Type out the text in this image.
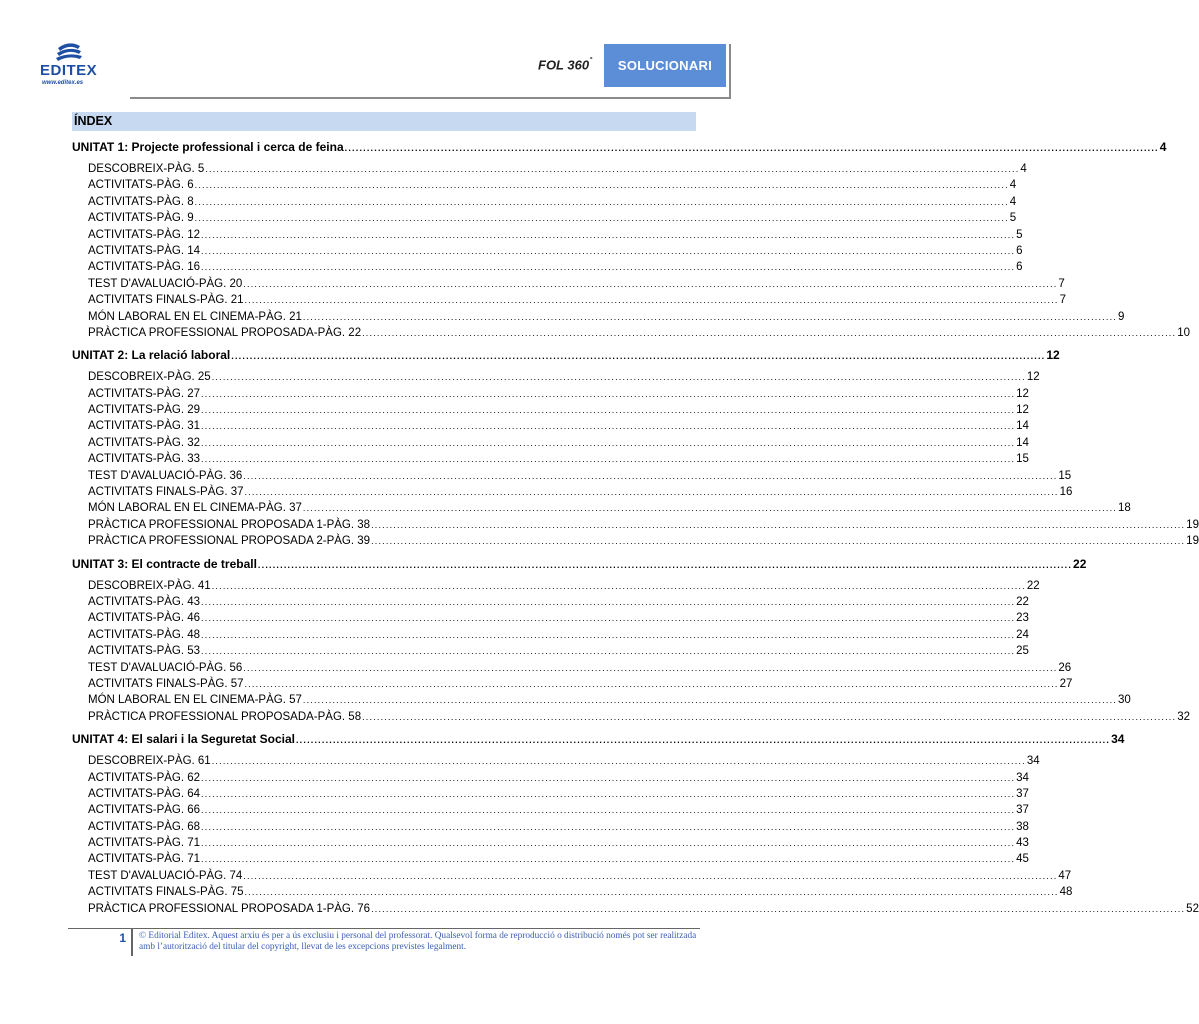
EDITEX
www.editex.es
FOL 360˚	SOLUCIONARI
ÍNDEX
UNITAT 1: Projecte professional i cerca de feina ............................................................................................................................................................................................................................ 4
DESCOBREIX-PÀG. 5 ............................................................................................................................................................................................................................ 4
ACTIVITATS-PÀG. 6 ............................................................................................................................................................................................................................ 4
ACTIVITATS-PÀG. 8 ............................................................................................................................................................................................................................ 4
ACTIVITATS-PÀG. 9 ............................................................................................................................................................................................................................ 5
ACTIVITATS-PÀG. 12 ............................................................................................................................................................................................................................ 5
ACTIVITATS-PÀG. 14 ............................................................................................................................................................................................................................ 6
ACTIVITATS-PÀG. 16 ............................................................................................................................................................................................................................ 6
TEST D'AVALUACIÓ-PÀG. 20 ............................................................................................................................................................................................................................ 7
ACTIVITATS FINALS-PÀG. 21 ............................................................................................................................................................................................................................ 7
MÓN LABORAL EN EL CINEMA-PÀG. 21 ............................................................................................................................................................................................................................ 9
PRÀCTICA PROFESSIONAL PROPOSADA-PÀG. 22 ............................................................................................................................................................................................................................ 10
UNITAT 2: La relació laboral ............................................................................................................................................................................................................................ 12
DESCOBREIX-PÀG. 25 ............................................................................................................................................................................................................................ 12
ACTIVITATS-PÀG. 27 ............................................................................................................................................................................................................................ 12
ACTIVITATS-PÀG. 29 ............................................................................................................................................................................................................................ 12
ACTIVITATS-PÀG. 31 ............................................................................................................................................................................................................................ 14
ACTIVITATS-PÀG. 32 ............................................................................................................................................................................................................................ 14
ACTIVITATS-PÀG. 33 ............................................................................................................................................................................................................................ 15
TEST D'AVALUACIÓ-PÀG. 36 ............................................................................................................................................................................................................................ 15
ACTIVITATS FINALS-PÀG. 37 ............................................................................................................................................................................................................................ 16
MÓN LABORAL EN EL CINEMA-PÀG. 37 ............................................................................................................................................................................................................................ 18
PRÀCTICA PROFESSIONAL PROPOSADA 1-PÀG. 38 ............................................................................................................................................................................................................................ 19
PRÀCTICA PROFESSIONAL PROPOSADA 2-PÀG. 39 ............................................................................................................................................................................................................................ 19
UNITAT 3: El contracte de treball ............................................................................................................................................................................................................................ 22
DESCOBREIX-PÀG. 41 ............................................................................................................................................................................................................................ 22
ACTIVITATS-PÀG. 43 ............................................................................................................................................................................................................................ 22
ACTIVITATS-PÀG. 46 ............................................................................................................................................................................................................................ 23
ACTIVITATS-PÀG. 48 ............................................................................................................................................................................................................................ 24
ACTIVITATS-PÀG. 53 ............................................................................................................................................................................................................................ 25
TEST D'AVALUACIÓ-PÀG. 56 ............................................................................................................................................................................................................................ 26
ACTIVITATS FINALS-PÀG. 57 ............................................................................................................................................................................................................................ 27
MÓN LABORAL EN EL CINEMA-PÀG. 57 ............................................................................................................................................................................................................................ 30
PRÀCTICA PROFESSIONAL PROPOSADA-PÀG. 58 ............................................................................................................................................................................................................................ 32
UNITAT 4: El salari i la Seguretat Social ............................................................................................................................................................................................................................ 34
DESCOBREIX-PÀG. 61 ............................................................................................................................................................................................................................ 34
ACTIVITATS-PÀG. 62 ............................................................................................................................................................................................................................ 34
ACTIVITATS-PÀG. 64 ............................................................................................................................................................................................................................ 37
ACTIVITATS-PÀG. 66 ............................................................................................................................................................................................................................ 37
ACTIVITATS-PÀG. 68 ............................................................................................................................................................................................................................ 38
ACTIVITATS-PÀG. 71 ............................................................................................................................................................................................................................ 43
ACTIVITATS-PÀG. 71 ............................................................................................................................................................................................................................ 45
TEST D'AVALUACIÓ-PÀG. 74 ............................................................................................................................................................................................................................ 47
ACTIVITATS FINALS-PÀG. 75 ............................................................................................................................................................................................................................ 48
PRÀCTICA PROFESSIONAL PROPOSADA 1-PÀG. 76 ............................................................................................................................................................................................................................ 52
1 © Editorial Editex. Aquest arxiu és per a ús exclusiu i personal del professorat. Qualsevol forma de reproducció o distribució només pot ser realitzada amb l’autorització del titular del copyright, llevat de les excepcions previstes legalment.
